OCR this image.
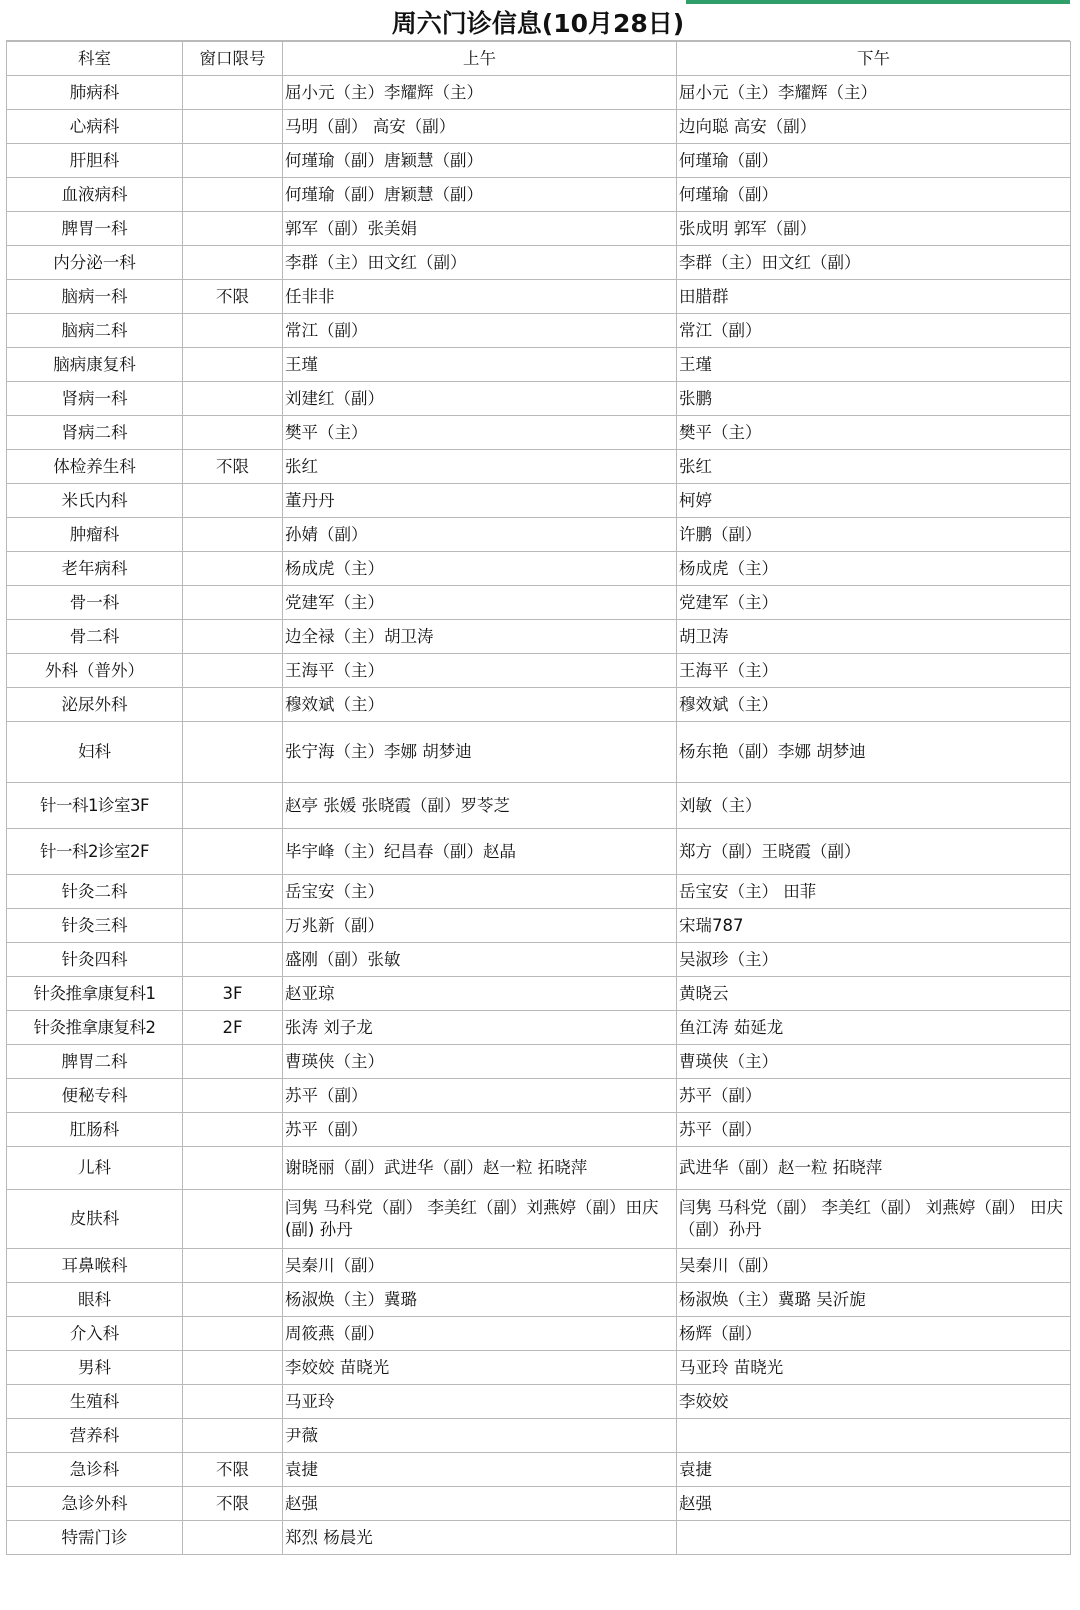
周六门诊信息(10月28日)
科室	窗口限号	上午	下午
肺病科		屈小元（主）李耀辉（主）	屈小元（主）李耀辉（主）
心病科		马明（副） 高安（副）	边向聪 高安（副）
肝胆科		何瑾瑜（副）唐颖慧（副）	何瑾瑜（副）
血液病科		何瑾瑜（副）唐颖慧（副）	何瑾瑜（副）
脾胃一科		郭军（副）张美娟	张成明 郭军（副）
内分泌一科		李群（主）田文红（副）	李群（主）田文红（副）
脑病一科	不限	任非非	田腊群
脑病二科		常江（副）	常江（副）
脑病康复科		王瑾	王瑾
肾病一科		刘建红（副）	张鹏
肾病二科		樊平（主）	樊平（主）
体检养生科	不限	张红	张红
米氏内科		董丹丹	柯婷
肿瘤科		孙婧（副）	许鹏（副）
老年病科		杨成虎（主）	杨成虎（主）
骨一科		党建军（主）	党建军（主）
骨二科		边全禄（主）胡卫涛	胡卫涛
外科（普外）		王海平（主）	王海平（主）
泌尿外科		穆效斌（主）	穆效斌（主）
妇科		张宁海（主）李娜 胡梦迪	杨东艳（副）李娜 胡梦迪
针一科1诊室3F		赵亭 张媛 张晓霞（副）罗苓芝	刘敏（主）
针一科2诊室2F		毕宇峰（主）纪昌春（副）赵晶	郑方（副）王晓霞（副）
针灸二科		岳宝安（主）	岳宝安（主） 田菲
针灸三科		万兆新（副）	宋瑞787
针灸四科		盛刚（副）张敏	吴淑珍（主）
针灸推拿康复科1	3F	赵亚琼	黄晓云
针灸推拿康复科2	2F	张涛 刘子龙	鱼江涛 茹延龙
脾胃二科		曹瑛侠（主）	曹瑛侠（主）
便秘专科		苏平（副）	苏平（副）
肛肠科		苏平（副）	苏平（副）
儿科		谢晓丽（副）武进华（副）赵一粒 拓晓萍	武进华（副）赵一粒 拓晓萍
皮肤科		闫隽 马科党（副） 李美红（副）刘燕婷（副）田庆(副) 孙丹	闫隽 马科党（副） 李美红（副） 刘燕婷（副） 田庆（副）孙丹
耳鼻喉科		吴秦川（副）	吴秦川（副）
眼科		杨淑焕（主）冀璐	杨淑焕（主）冀璐 吴沂旎
介入科		周筱燕（副）	杨辉（副）
男科		李姣姣 苗晓光	马亚玲 苗晓光
生殖科		马亚玲	李姣姣
营养科		尹薇	
急诊科	不限	袁捷	袁捷
急诊外科	不限	赵强	赵强
特需门诊		郑烈 杨晨光	
